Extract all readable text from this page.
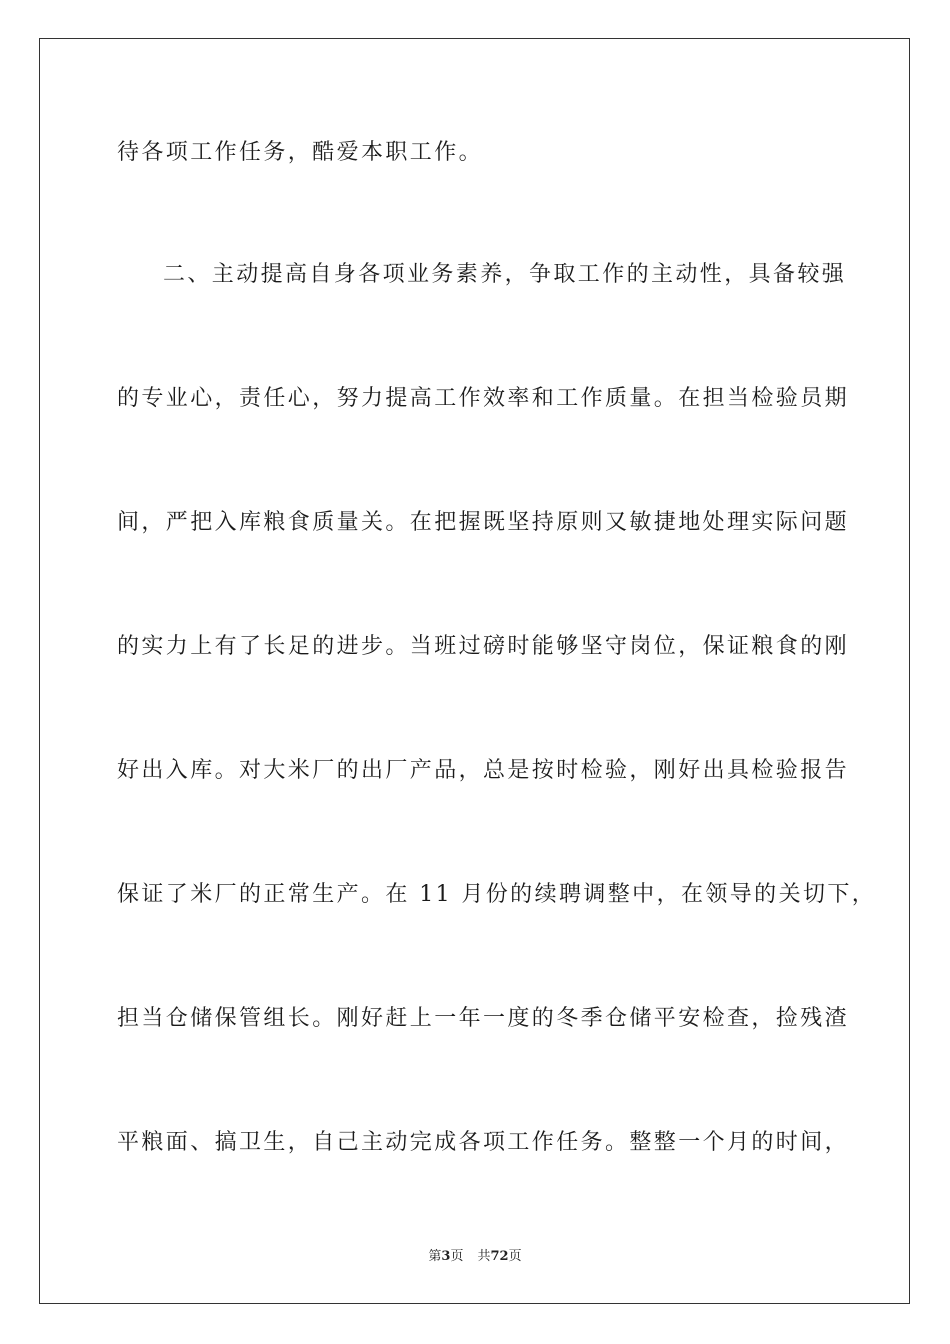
待各项工作任务，酷爱本职工作。
二、主动提高自身各项业务素养，争取工作的主动性，具备较强
的专业心，责任心，努力提高工作效率和工作质量。在担当检验员期
间，严把入库粮食质量关。在把握既坚持原则又敏捷地处理实际问题
的实力上有了长足的进步。当班过磅时能够坚守岗位，保证粮食的刚
好出入库。对大米厂的出厂产品，总是按时检验，刚好出具检验报告
保证了米厂的正常生产。在 11 月份的续聘调整中，在领导的关切下，
担当仓储保管组长。刚好赶上一年一度的冬季仓储平安检查，捡残渣
平粮面、搞卫生，自己主动完成各项工作任务。整整一个月的时间，
第3页 共72页
